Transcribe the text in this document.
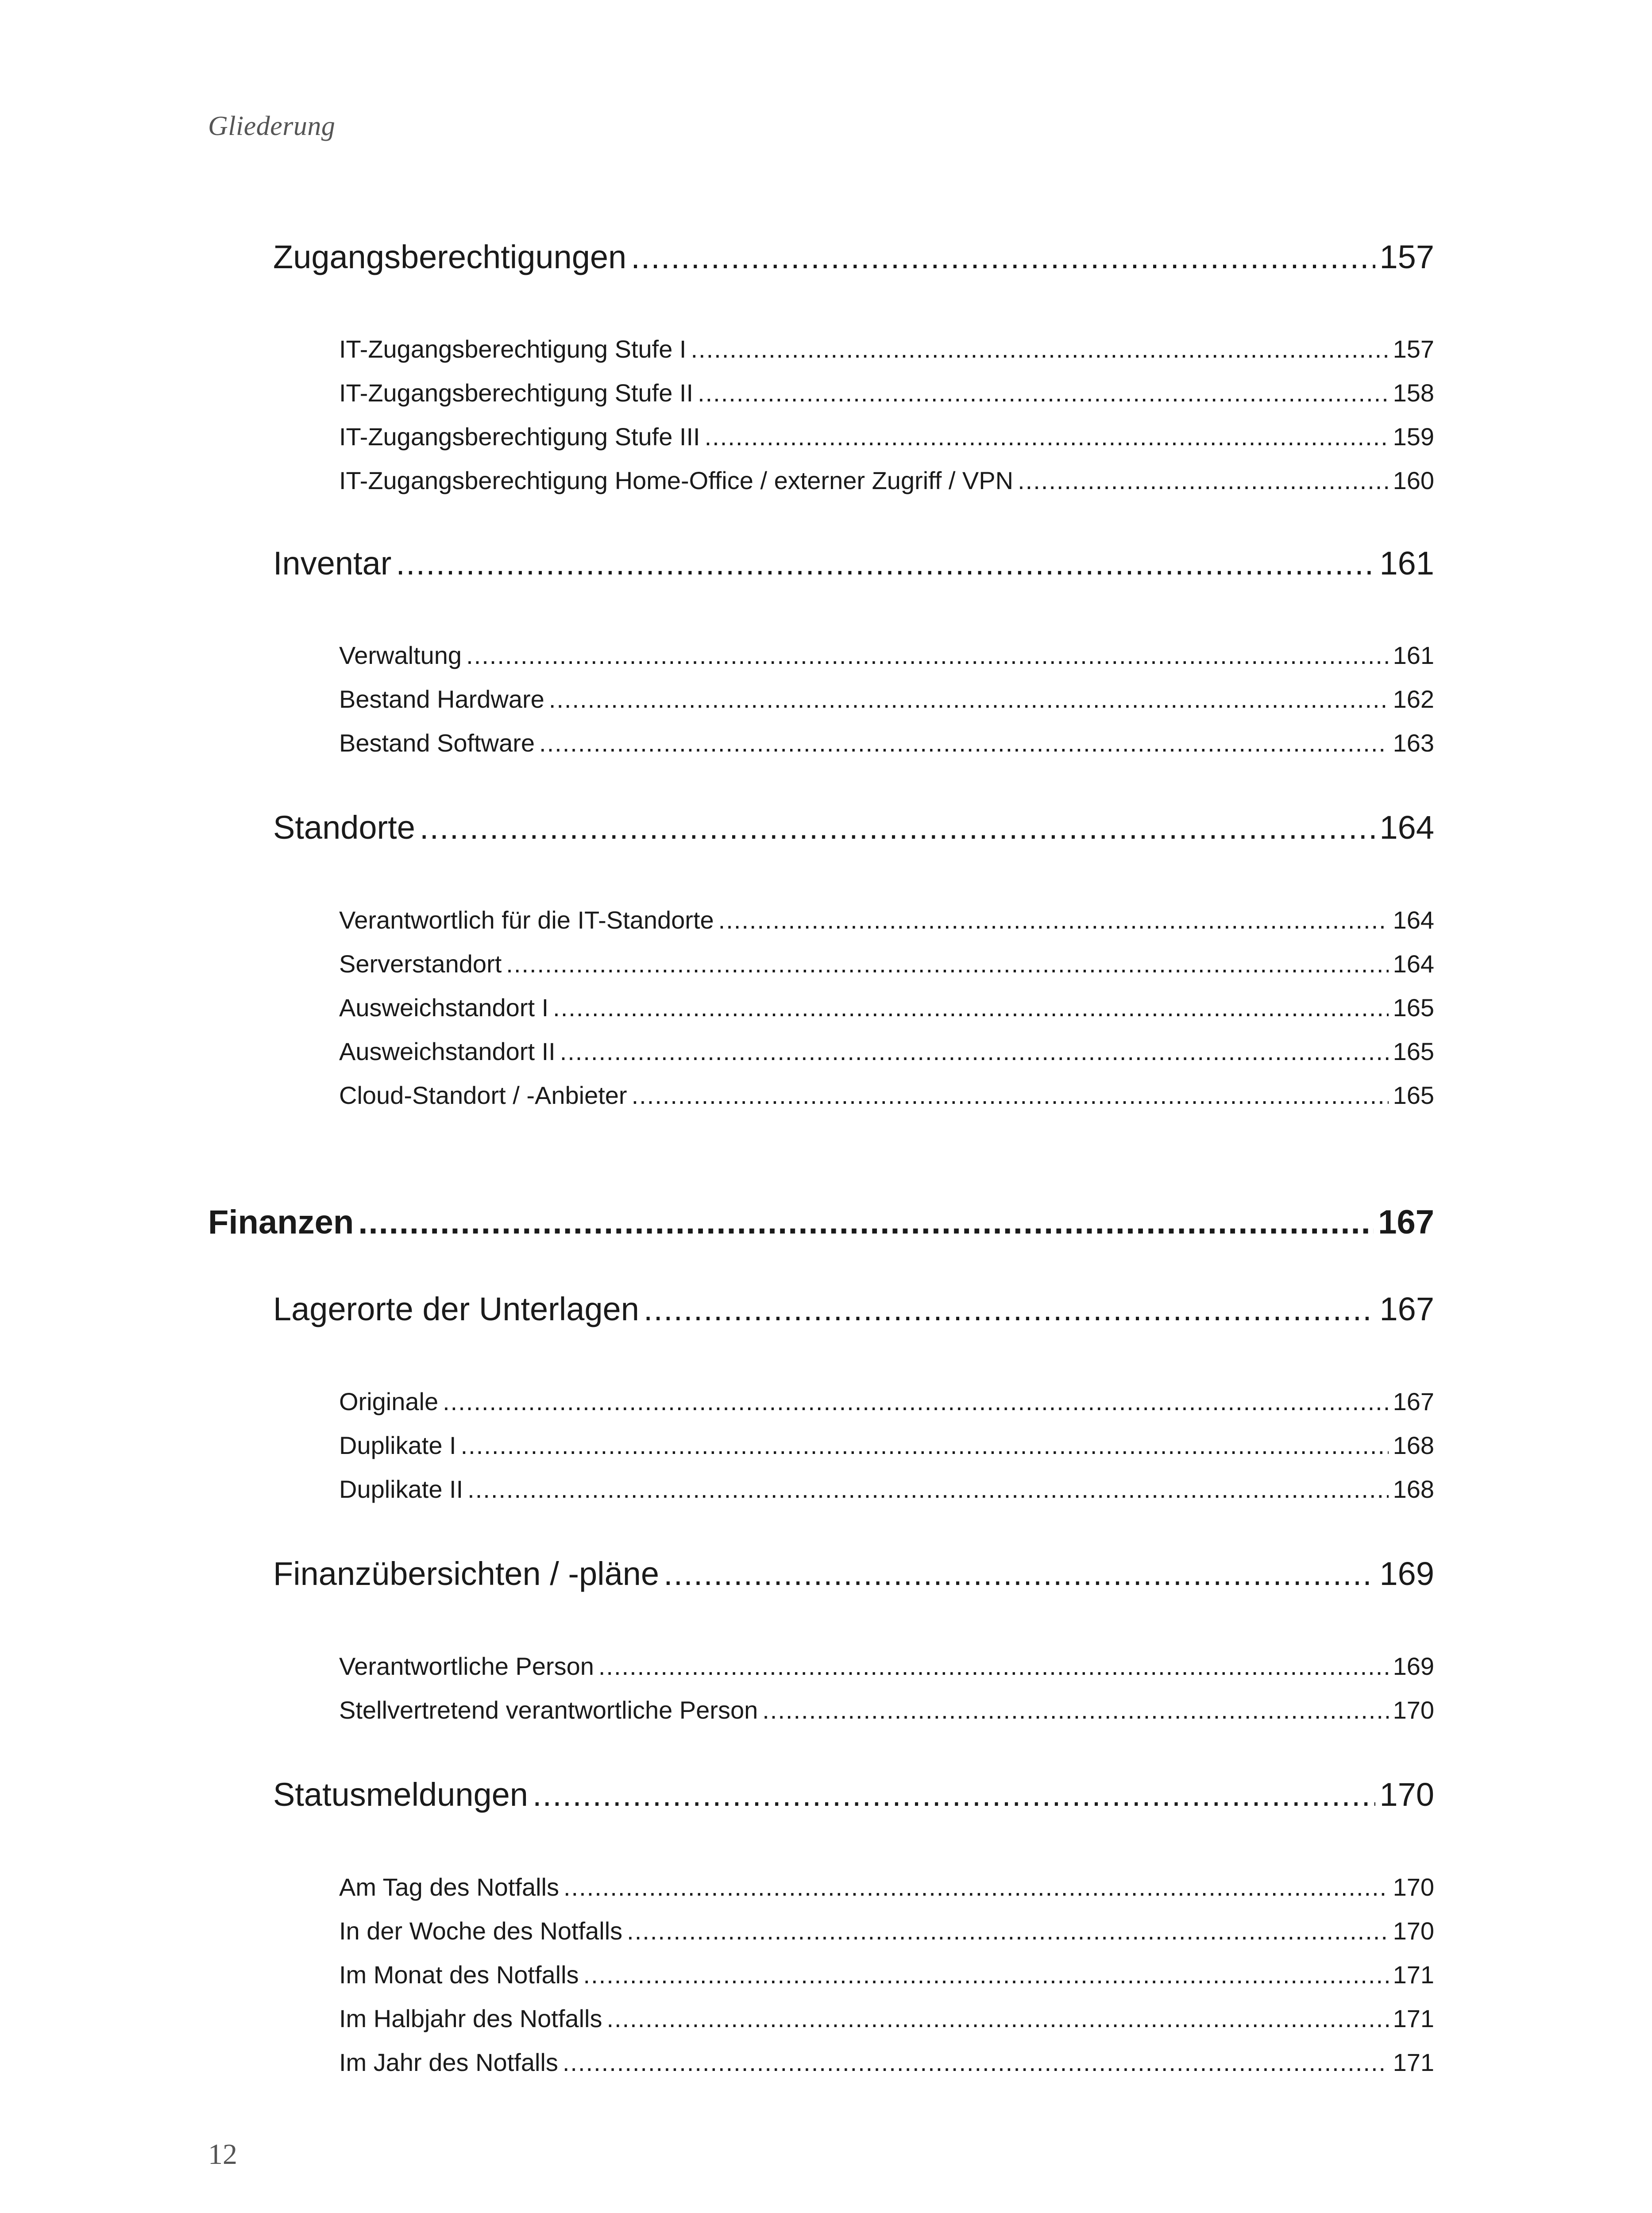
Gliederung
Zugangsberechtigungen .....	157
IT-Zugangsberechtigung Stufe I .....	157
IT-Zugangsberechtigung Stufe II .....	158
IT-Zugangsberechtigung Stufe III .....	159
IT-Zugangsberechtigung Home-Office / externer Zugriff / VPN .....	160
Inventar .....	161
Verwaltung .....	161
Bestand Hardware .....	162
Bestand Software .....	163
Standorte .....	164
Verantwortlich für die IT-Standorte .....	164
Serverstandort .....	164
Ausweichstandort I .....	165
Ausweichstandort II .....	165
Cloud-Standort / -Anbieter .....	165
Finanzen .....	167
Lagerorte der Unterlagen .....	167
Originale .....	167
Duplikate I .....	168
Duplikate II .....	168
Finanzübersichten / -pläne .....	169
Verantwortliche Person .....	169
Stellvertretend verantwortliche Person .....	170
Statusmeldungen .....	170
Am Tag des Notfalls .....	170
In der Woche des Notfalls .....	170
Im Monat des Notfalls .....	171
Im Halbjahr des Notfalls .....	171
Im Jahr des Notfalls .....	171
12
